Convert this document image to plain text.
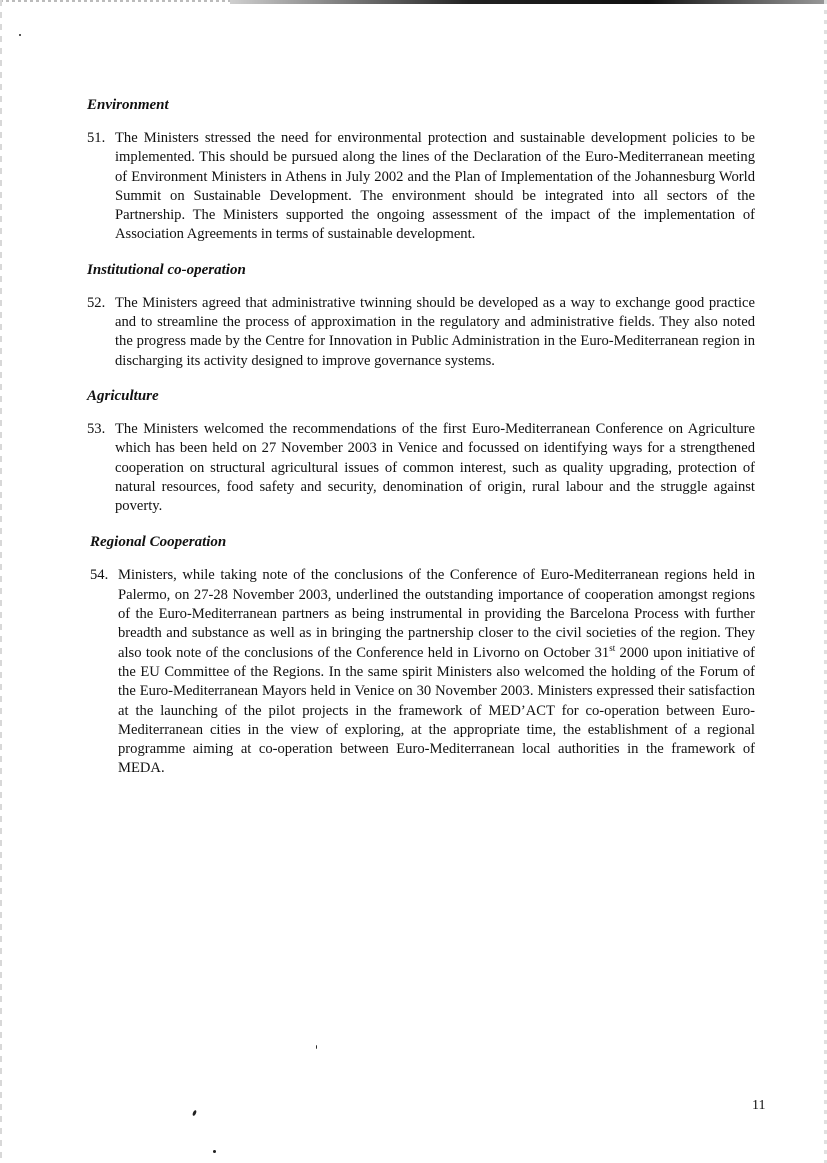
Environment
51. The Ministers stressed the need for environmental protection and sustainable development policies to be implemented. This should be pursued along the lines of the Declaration of the Euro-Mediterranean meeting of Environment Ministers in Athens in July 2002 and the Plan of Implementation of the Johannesburg World Summit on Sustainable Development. The environment should be integrated into all sectors of the Partnership. The Ministers supported the ongoing assessment of the impact of the implementation of Association Agreements in terms of sustainable development.
Institutional co-operation
52. The Ministers agreed that administrative twinning should be developed as a way to exchange good practice and to streamline the process of approximation in the regulatory and administrative fields. They also noted the progress made by the Centre for Innovation in Public Administration in the Euro-Mediterranean region in discharging its activity designed to improve governance systems.
Agriculture
53. The Ministers welcomed the recommendations of the first Euro-Mediterranean Conference on Agriculture which has been held on 27 November 2003 in Venice and focussed on identifying ways for a strengthened cooperation on structural agricultural issues of common interest, such as quality upgrading, protection of natural resources, food safety and security, denomination of origin, rural labour and the struggle against poverty.
Regional Cooperation
54. Ministers, while taking note of the conclusions of the Conference of Euro-Mediterranean regions held in Palermo, on 27-28 November 2003, underlined the outstanding importance of cooperation amongst regions of the Euro-Mediterranean partners as being instrumental in providing the Barcelona Process with further breadth and substance as well as in bringing the partnership closer to the civil societies of the region. They also took note of the conclusions of the Conference held in Livorno on October 31st 2000 upon initiative of the EU Committee of the Regions. In the same spirit Ministers also welcomed the holding of the Forum of the Euro-Mediterranean Mayors held in Venice on 30 November 2003. Ministers expressed their satisfaction at the launching of the pilot projects in the framework of MED’ACT for co-operation between Euro-Mediterranean cities in the view of exploring, at the appropriate time, the establishment of a regional programme aiming at co-operation between Euro-Mediterranean local authorities in the framework of MEDA.
11
